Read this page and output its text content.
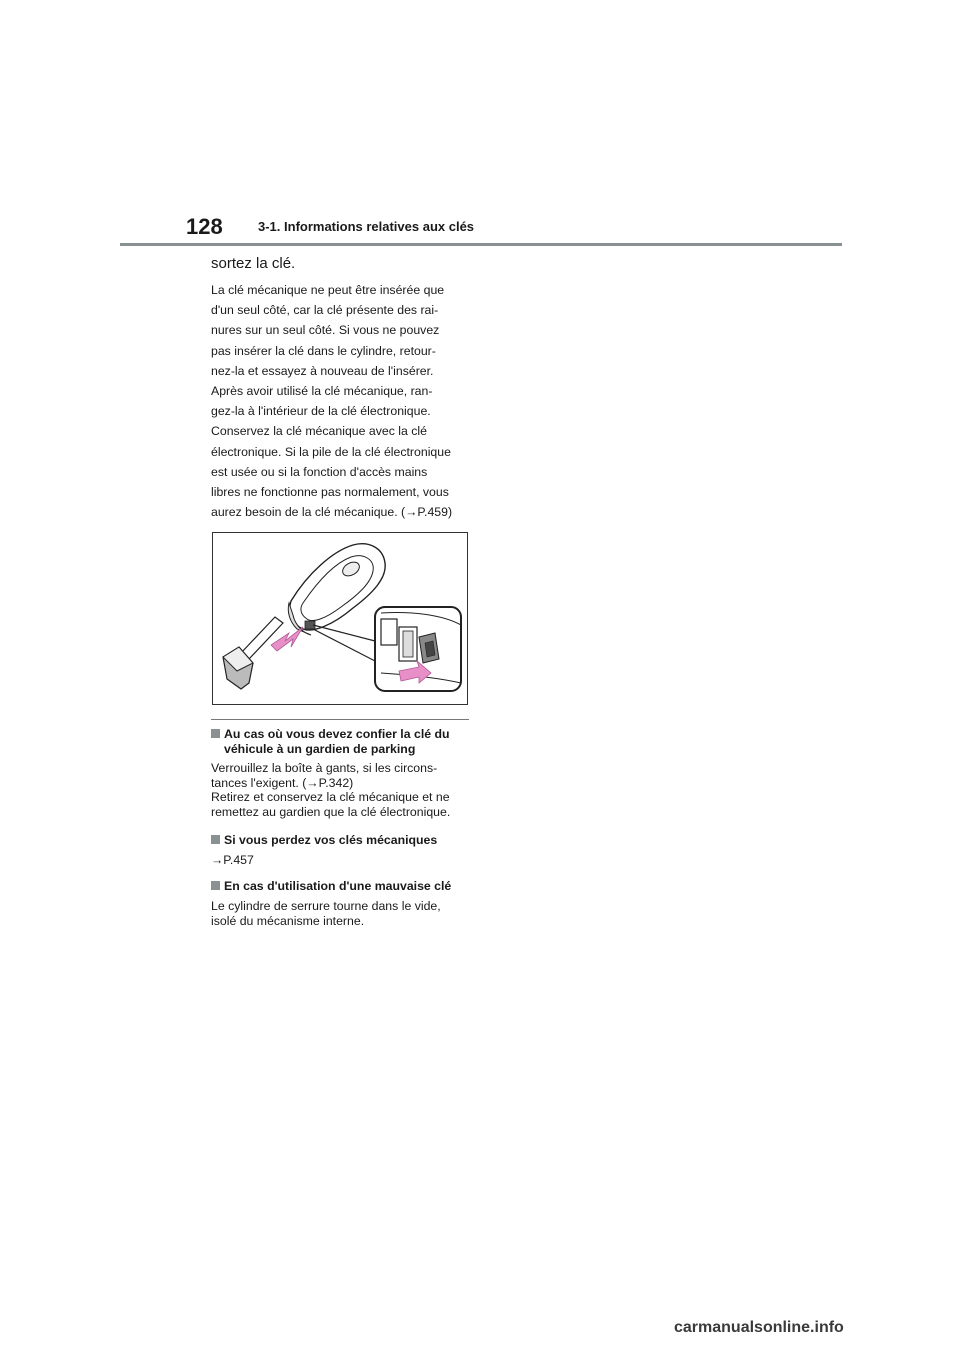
128	3-1. Informations relatives aux clés
sortez la clé.
La clé mécanique ne peut être insérée que
d'un seul côté, car la clé présente des rai-
nures sur un seul côté. Si vous ne pouvez
pas insérer la clé dans le cylindre, retour-
nez-la et essayez à nouveau de l'insérer.
Après avoir utilisé la clé mécanique, ran-
gez-la à l'intérieur de la clé électronique.
Conservez la clé mécanique avec la clé
électronique. Si la pile de la clé électronique
est usée ou si la fonction d'accès mains
libres ne fonctionne pas normalement, vous
aurez besoin de la clé mécanique. (→P.459)
Au cas où vous devez confier la clé du
véhicule à un gardien de parking
Verrouillez la boîte à gants, si les circons-
tances l'exigent. (→P.342)
Retirez et conservez la clé mécanique et ne
remettez au gardien que la clé électronique.
Si vous perdez vos clés mécaniques
→P.457
En cas d'utilisation d'une mauvaise clé
Le cylindre de serrure tourne dans le vide,
isolé du mécanisme interne.
carmanualsonline.info
